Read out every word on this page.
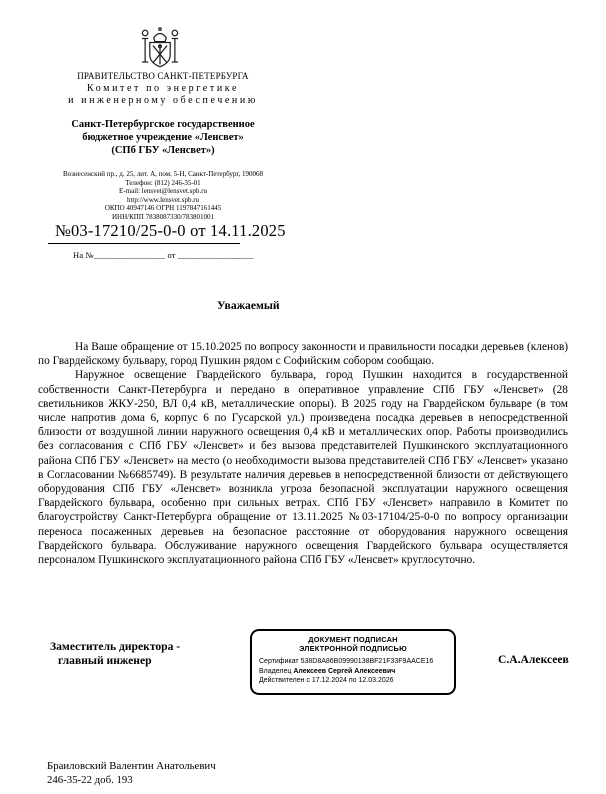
ПРАВИТЕЛЬСТВО САНКТ-ПЕТЕРБУРГА
Комитет по энергетике
и инженерному обеспечению
Санкт-Петербургское государственное
бюджетное учреждение «Ленсвет»
(СПб ГБУ «Ленсвет»)
Вознесенский пр., д. 25, лит. А, пом. 5-Н, Санкт-Петербург, 190068
Телефон: (812) 246-35-01
E-mail: lensvet@lensvet.spb.ru
http://www.lensvet.spb.ru
ОКПО 40947146 ОГРН 1197847161445
ИНН/КПП 7838087330/783801001
№03-17210/25-0-0 от 14.11.2025
На №________________ от _________________
Уважаемый

На Ваше обращение от 15.10.2025 по вопросу законности и правильности посадки деревьев (кленов) по Гвардейскому бульвару, город Пушкин рядом с Софийским собором сообщаю.

Наружное освещение Гвардейского бульвара, город Пушкин находится в государственной собственности Санкт-Петербурга и передано в оперативное управление СПб ГБУ «Ленсвет» (28 светильников ЖКУ-250, ВЛ 0,4 кВ, металлические опоры). В 2025 году на Гвардейском бульваре (в том числе напротив дома 6, корпус 6 по Гусарской ул.) произведена посадка деревьев в непосредственной близости от воздушной линии наружного освещения 0,4 кВ и металлических опор. Работы производились без согласования с СПб ГБУ «Ленсвет» и без вызова представителей Пушкинского эксплуатационного района СПб ГБУ «Ленсвет» на место (о необходимости вызова представителей СПб ГБУ «Ленсвет» указано в Согласовании №6685749). В результате наличия деревьев в непосредственной близости от действующего оборудования СПб ГБУ «Ленсвет» возникла угроза безопасной эксплуатации наружного освещения Гвардейского бульвара, особенно при сильных ветрах. СПб ГБУ «Ленсвет» направило в Комитет по благоустройству Санкт-Петербурга обращение от 13.11.2025 №03-17104/25-0-0 по вопросу организации переноса посаженных деревьев на безопасное расстояние от оборудования наружного освещения Гвардейского бульвара. Обслуживание наружного освещения Гвардейского бульвара осуществляется персоналом Пушкинского эксплуатационного района СПб ГБУ «Ленсвет» круглосуточно.

Заместитель директора -
главный инженер
ДОКУМЕНТ ПОДПИСАН
ЭЛЕКТРОННОЙ ПОДПИСЬЮ
Сертификат 538D8A86B09990138BF21F33F9AACE16
Владелец Алексеев Сергей Алексеевич
Действителен с 17.12.2024 по 12.03.2026
С.А.Алексеев
Браиловский Валентин Анатольевич
246-35-22 доб. 193
